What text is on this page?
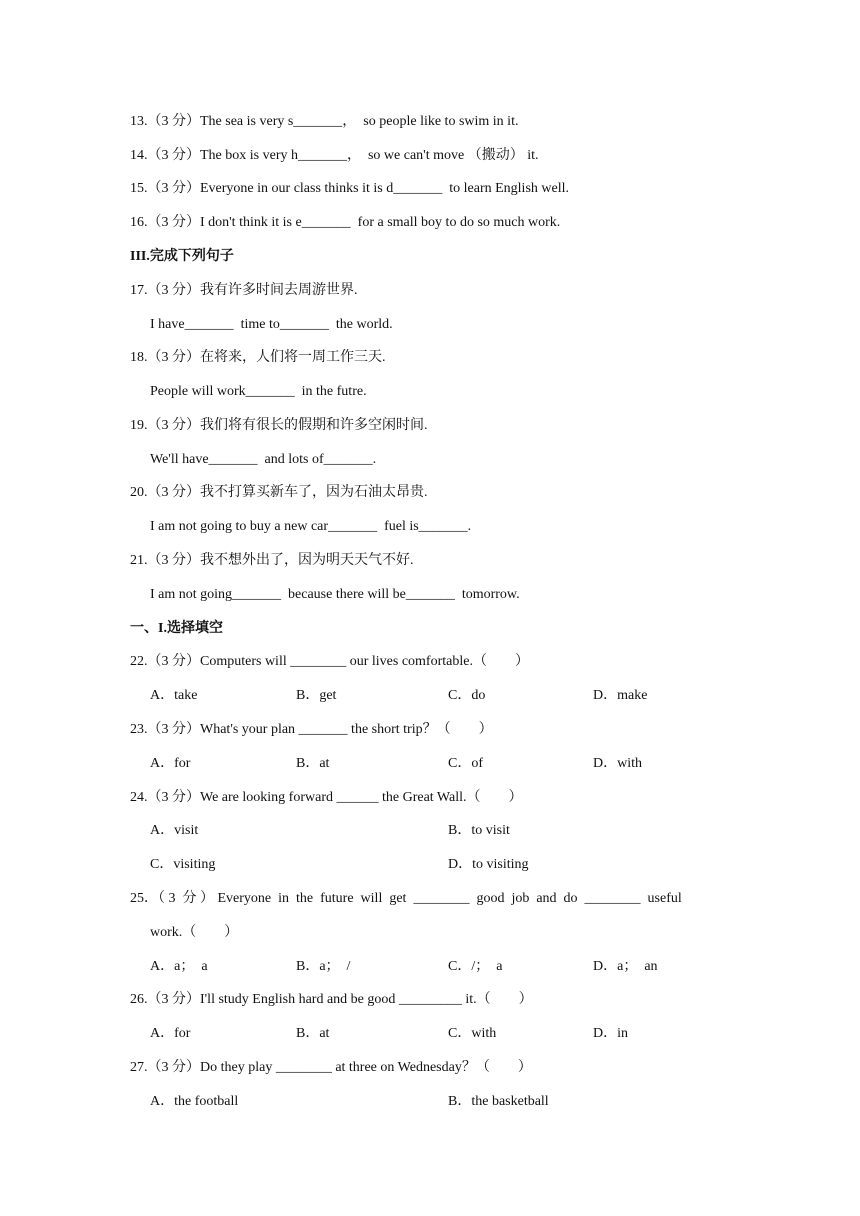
13.（3 分）The sea is very s_______，  so people like to swim in it.
14.（3 分）The box is very h_______，  so we can't move （搬动） it.
15.（3 分）Everyone in our class thinks it is d_______  to learn English well.
16.（3 分）I don't think it is e_______  for a small boy to do so much work.
III.完成下列句子
17.（3 分）我有许多时间去周游世界.
I have_______  time to_______  the world.
18.（3 分）在将来，人们将一周工作三天.
People will work_______  in the futre.
19.（3 分）我们将有很长的假期和许多空闲时间.
We'll have_______  and lots of_______.
20.（3 分）我不打算买新车了，因为石油太昂贵.
I am not going to buy a new car_______  fuel is_______.
21.（3 分）我不想外出了，因为明天天气不好.
I am not going_______  because there will be_______  tomorrow.
一、I.选择填空
22.（3 分）Computers will ________ our lives comfortable.（　　）
A．take	B．get	C．do	D．make
23.（3 分）What's your plan _______ the short trip？（　　）
A．for	B．at	C．of	D．with
24.（3 分）We are looking forward ______ the Great Wall.（　　）
A．visit	B．to visit
C．visiting	D．to visiting
25．（ 3  分 ） Everyone  in  the  future  will  get  ________  good  job  and  do  ________  useful
work.（　　）
A．a；  a	B．a；  /	C．/；  a	D．a；  an
26.（3 分）I'll study English hard and be good _________ it.（　　）
A．for	B．at	C．with	D．in
27.（3 分）Do they play ________ at three on Wednesday？（　　）
A．the football	B．the basketball
